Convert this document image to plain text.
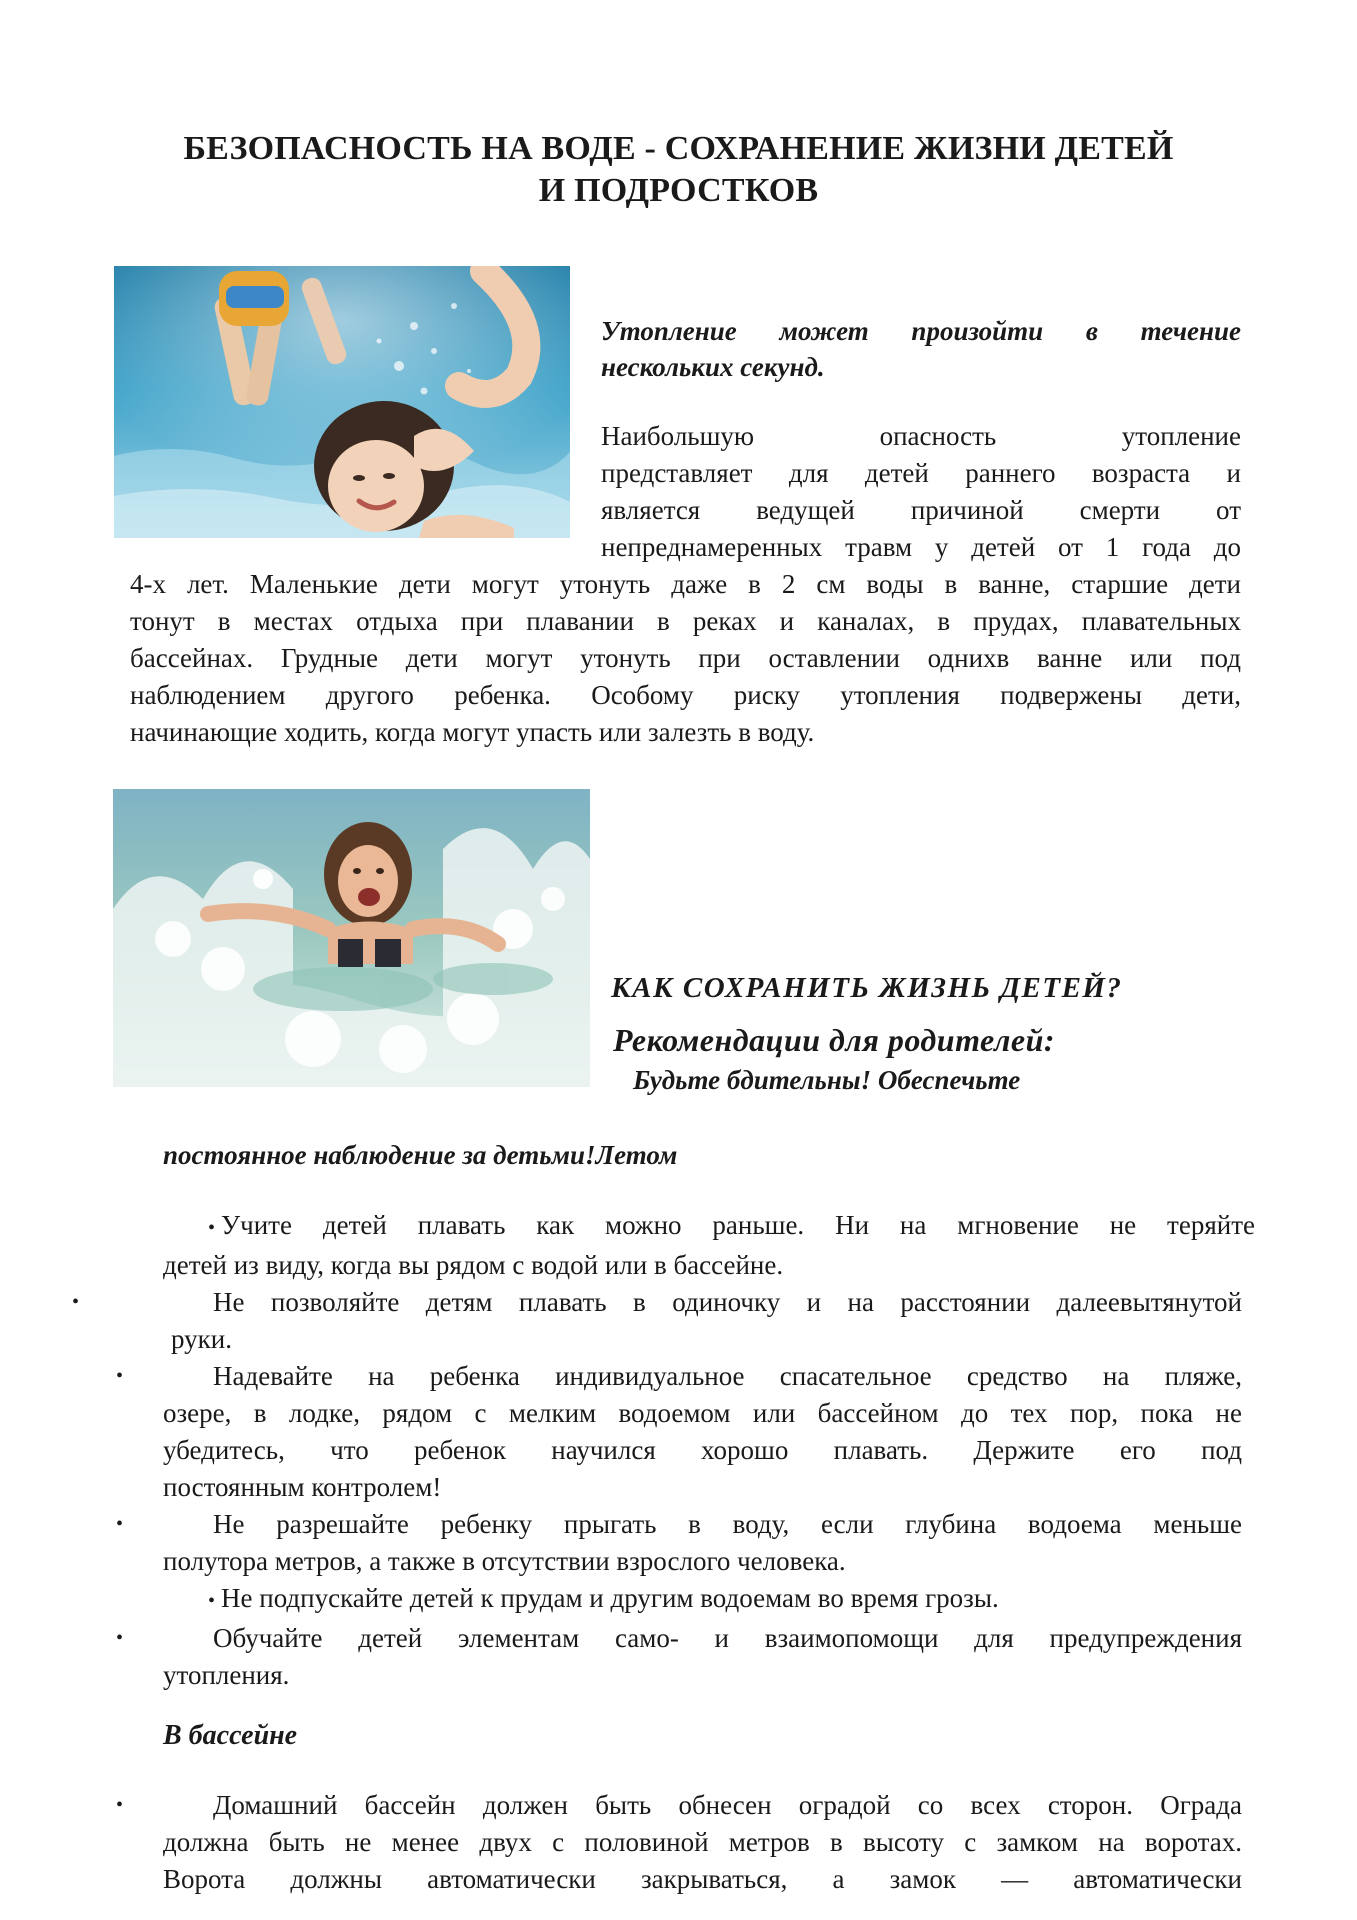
БЕЗОПАСНОСТЬ НА ВОДЕ - СОХРАНЕНИЕ ЖИЗНИ ДЕТЕЙ
И ПОДРОСТКОВ
Утопление может произойти в течение
нескольких секунд.
Наибольшую опасность утопление
представляет для детей раннего возраста и
является ведущей причиной смерти от
непреднамеренных травм у детей от 1 года до
4-х лет. Маленькие дети могут утонуть даже в 2 см воды в ванне, старшие дети
тонут в местах отдыха при плавании в реках и каналах, в прудах, плавательных
бассейнах. Грудные дети могут утонуть при оставлении однихв ванне или под
наблюдением другого ребенка. Особому риску утопления подвержены дети,
начинающие ходить, когда могут упасть или залезть в воду.
КАК СОХРАНИТЬ ЖИЗНЬ ДЕТЕЙ?
Рекомендации для родителей:
Будьте бдительны! Обеспечьте
постоянное наблюдение за детьми!Летом
• Учите детей плавать как можно раньше. Ни на мгновение не теряйте
детей из виду, когда вы рядом с водой или в бассейне.
•	Не позволяйте детям плавать в одиночку и на расстоянии далеевытянутой
руки.
•	Надевайте на ребенка индивидуальное спасательное средство на пляже,
озере, в лодке, рядом с мелким водоемом или бассейном до тех пор, пока не
убедитесь, что ребенок научился хорошо плавать. Держите его под
постоянным контролем!
•	Не разрешайте ребенку прыгать в воду, если глубина водоема меньше
полутора метров, а также в отсутствии взрослого человека.
• Не подпускайте детей к прудам и другим водоемам во время грозы.
•	Обучайте детей элементам само- и взаимопомощи для предупреждения
утопления.
В бассейне
•	Домашний бассейн должен быть обнесен оградой со всех сторон. Ограда
должна быть не менее двух с половиной метров в высоту с замком на воротах.
Ворота должны автоматически закрываться, а замок — автоматически
